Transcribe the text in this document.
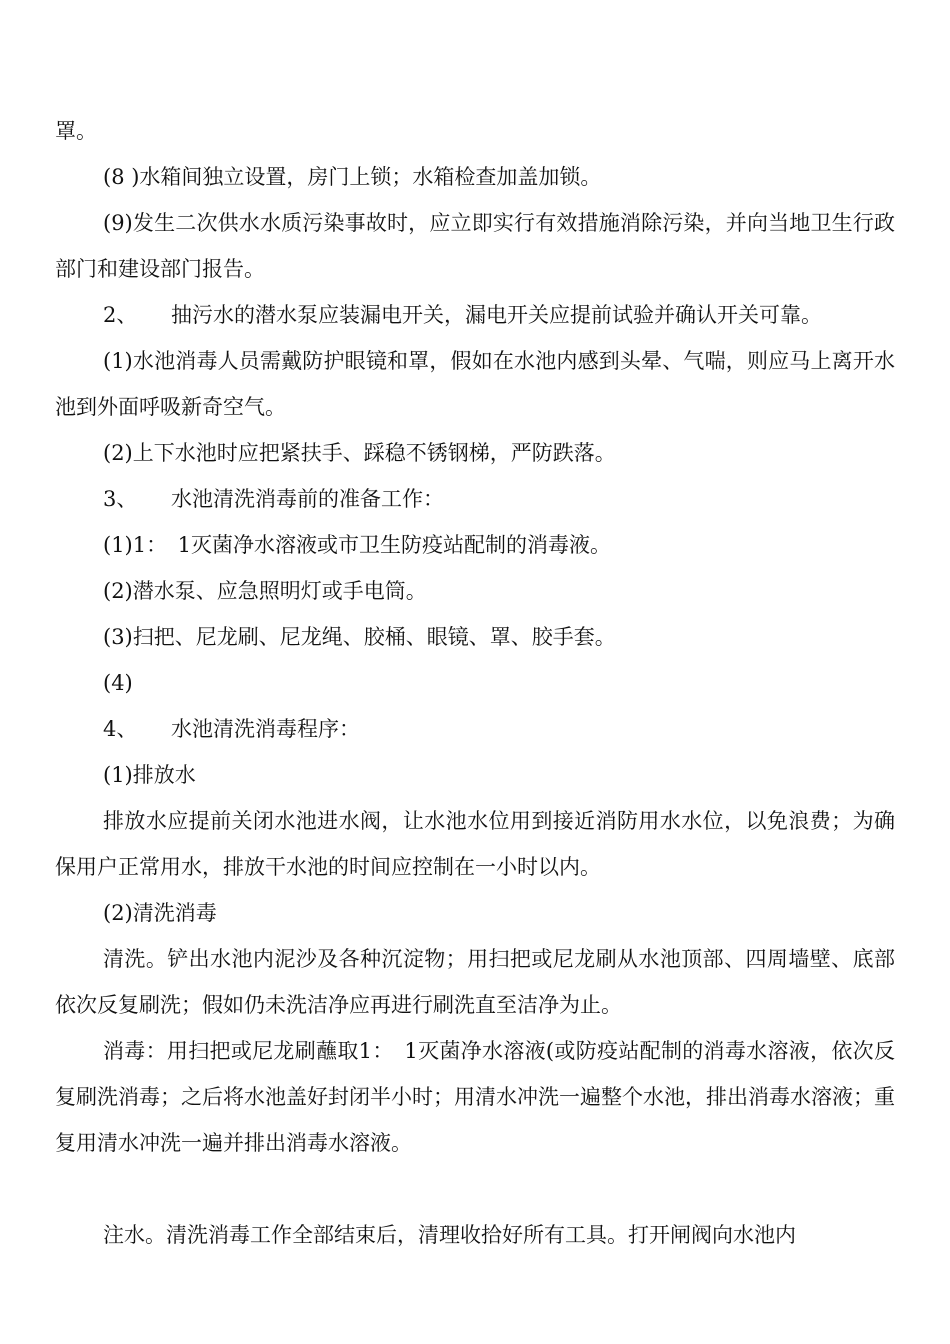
罩。

(8 )水箱间独立设置，房门上锁；水箱检查加盖加锁。

(9)发生二次供水水质污染事故时，应立即实行有效措施消除污染，并向当地卫生行政部门和建设部门报告。

2、 抽污水的潜水泵应装漏电开关，漏电开关应提前试验并确认开关可靠。

(1)水池消毒人员需戴防护眼镜和罩，假如在水池内感到头晕、气喘，则应马上离开水池到外面呼吸新奇空气。

(2)上下水池时应把紧扶手、踩稳不锈钢梯，严防跌落。

3、 水池清洗消毒前的准备工作：

(1)1：　1灭菌净水溶液或市卫生防疫站配制的消毒液。

(2)潜水泵、应急照明灯或手电筒。

(3)扫把、尼龙刷、尼龙绳、胶桶、眼镜、罩、胶手套。

(4)

4、 水池清洗消毒程序：

(1)排放水

排放水应提前关闭水池进水阀，让水池水位用到接近消防用水水位，以免浪费；为确保用户正常用水，排放干水池的时间应控制在一小时以内。

(2)清洗消毒

清洗。铲出水池内泥沙及各种沉淀物；用扫把或尼龙刷从水池顶部、四周墙壁、底部依次反复刷洗；假如仍未洗洁净应再进行刷洗直至洁净为止。

消毒：用扫把或尼龙刷蘸取1：　1灭菌净水溶液(或防疫站配制的消毒水溶液，依次反复刷洗消毒；之后将水池盖好封闭半小时；用清水冲洗一遍整个水池，排出消毒水溶液；重复用清水冲洗一遍并排出消毒水溶液。

注水。清洗消毒工作全部结束后，清理收拾好所有工具。打开闸阀向水池内
